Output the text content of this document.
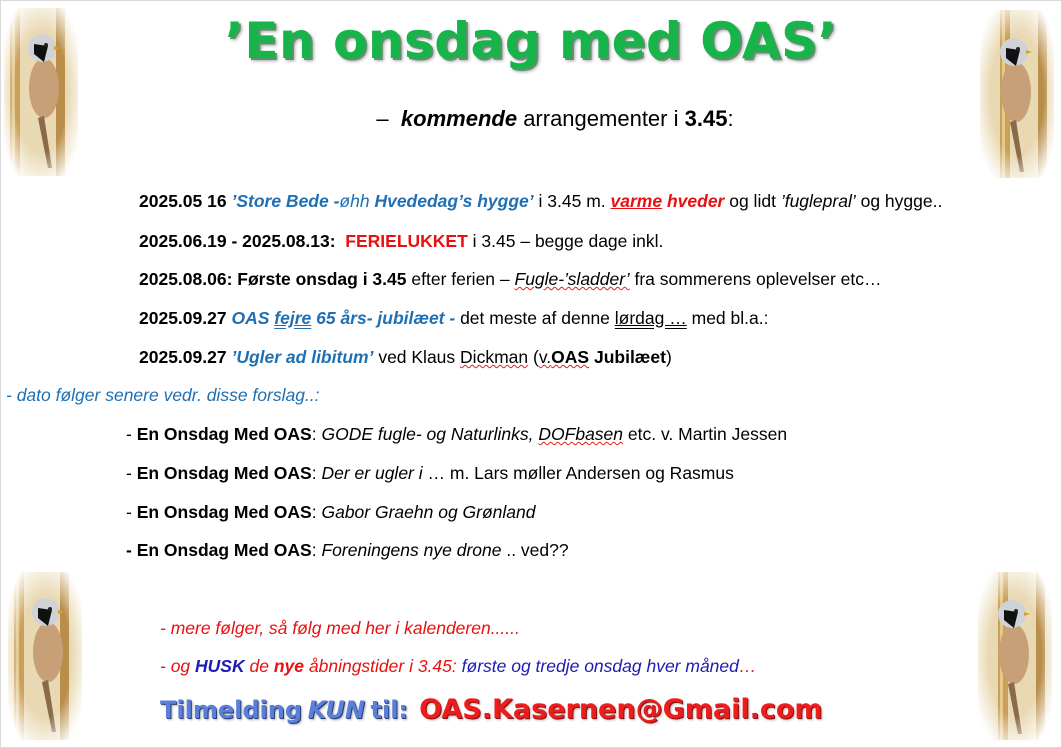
’En onsdag med OAS’
– kommende arrangementer i 3.45:
2025.05 16 ’Store Bede -øhh Hvededag’s hygge’ i 3.45 m. varme hveder og lidt ’fuglepral’ og hygge..
2025.06.19 - 2025.08.13: FERIELUKKET i 3.45 – begge dage inkl.
2025.08.06: Første onsdag i 3.45 efter ferien – Fugle-’sladder’ fra sommerens oplevelser etc…
2025.09.27 OAS fejre 65 års- jubilæet - det meste af denne lørdag … med bl.a.:
2025.09.27 ’Ugler ad libitum’ ved Klaus Dickman (v.OAS Jubilæet)
- dato følger senere vedr. disse forslag..:
- En Onsdag Med OAS: GODE fugle- og Naturlinks, DOFbasen etc. v. Martin Jessen
- En Onsdag Med OAS: Der er ugler i … m. Lars møller Andersen og Rasmus
- En Onsdag Med OAS: Gabor Graehn og Grønland
- En Onsdag Med OAS: Foreningens nye drone .. ved??
- mere følger, så følg med her i kalenderen......
- og HUSK de nye åbningstider i 3.45: første og tredje onsdag hver måned…
Tilmelding KUN til: OAS.Kasernen@Gmail.com
